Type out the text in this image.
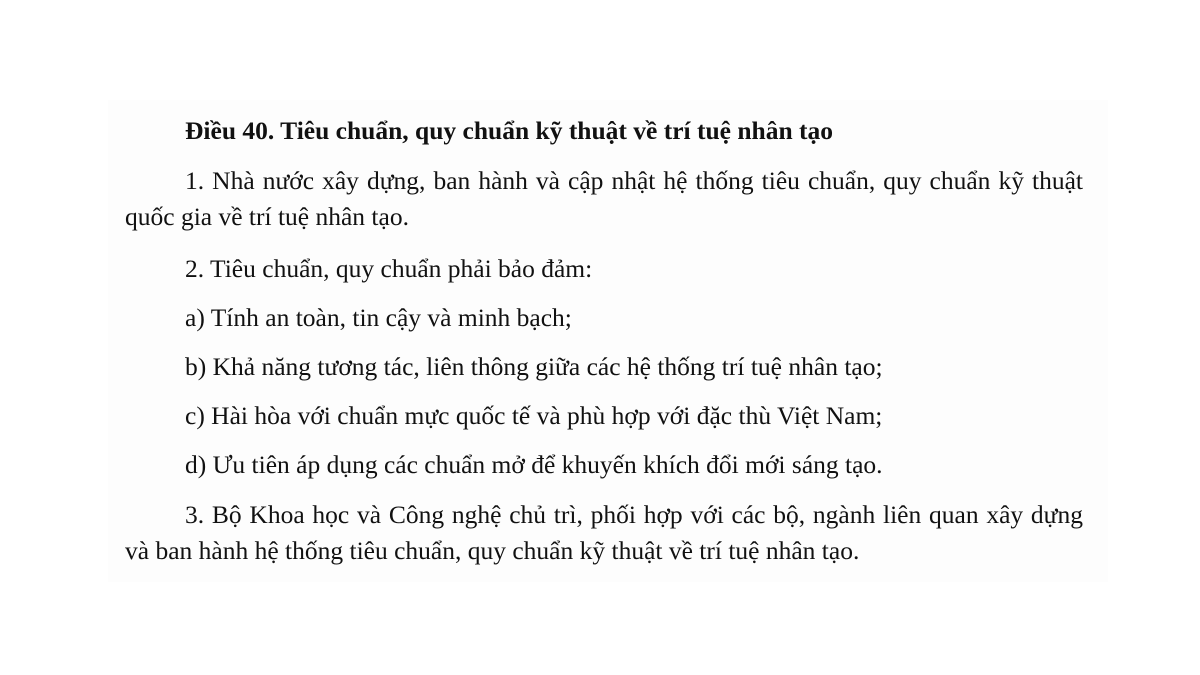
Điều 40. Tiêu chuẩn, quy chuẩn kỹ thuật về trí tuệ nhân tạo
1. Nhà nước xây dựng, ban hành và cập nhật hệ thống tiêu chuẩn, quy chuẩn kỹ thuật quốc gia về trí tuệ nhân tạo.
2. Tiêu chuẩn, quy chuẩn phải bảo đảm:
a) Tính an toàn, tin cậy và minh bạch;
b) Khả năng tương tác, liên thông giữa các hệ thống trí tuệ nhân tạo;
c) Hài hòa với chuẩn mực quốc tế và phù hợp với đặc thù Việt Nam;
d) Ưu tiên áp dụng các chuẩn mở để khuyến khích đổi mới sáng tạo.
3. Bộ Khoa học và Công nghệ chủ trì, phối hợp với các bộ, ngành liên quan xây dựng và ban hành hệ thống tiêu chuẩn, quy chuẩn kỹ thuật về trí tuệ nhân tạo.
